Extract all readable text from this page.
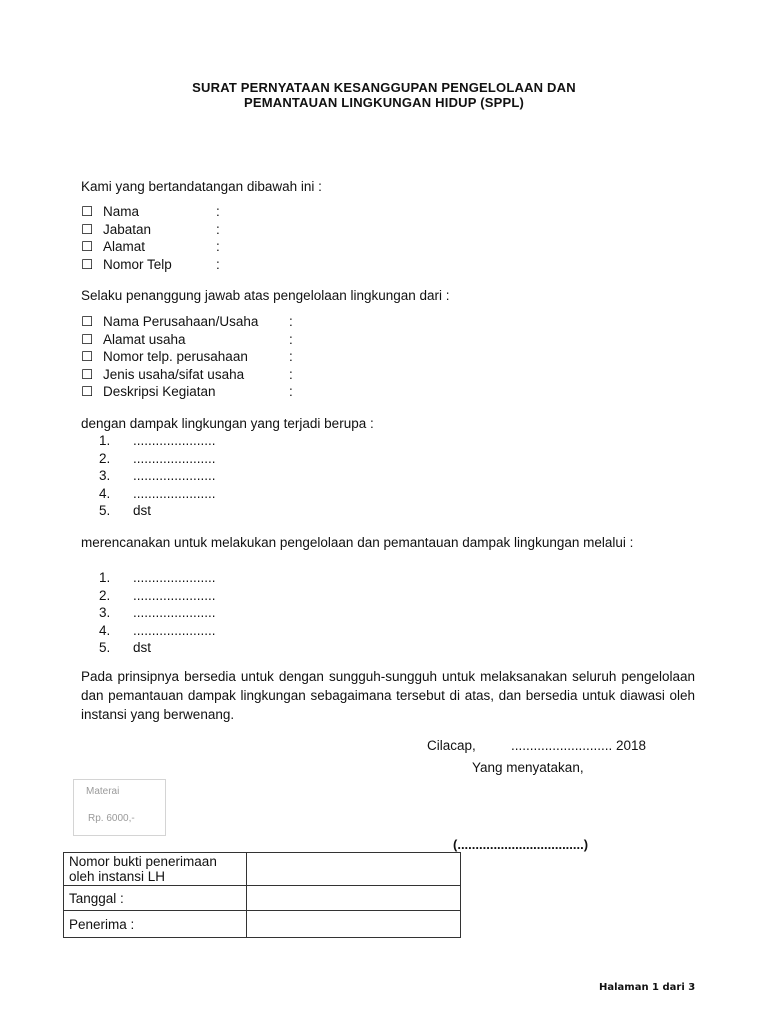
SURAT PERNYATAAN KESANGGUPAN PENGELOLAAN DAN
PEMANTAUAN LINGKUNGAN HIDUP (SPPL)
Kami yang bertandatangan dibawah ini :
☐ Nama	:
☐ Jabatan	:
☐ Alamat	:
☐ Nomor Telp	:
Selaku penanggung jawab atas pengelolaan lingkungan dari :
☐ Nama Perusahaan/Usaha :
☐ Alamat usaha	:
☐ Nomor telp. perusahaan	:
☐ Jenis usaha/sifat usaha	:
☐ Deskripsi Kegiatan	:
dengan dampak lingkungan yang terjadi berupa :
1. ......................
2. ......................
3. ......................
4. ......................
5. dst
merencanakan untuk melakukan pengelolaan dan pemantauan dampak lingkungan melalui :
1. ......................
2. ......................
3. ......................
4. ......................
5. dst
Pada prinsipnya bersedia untuk dengan sungguh-sungguh untuk melaksanakan seluruh pengelolaan dan pemantauan dampak lingkungan sebagaimana tersebut di atas, dan bersedia untuk diawasi oleh instansi yang berwenang.
Cilacap,	........................... 2018
Yang menyatakan,
(...................................)
Materai
Rp. 6000,-
Nomor bukti penerimaan oleh instansi LH	
Tanggal :	
Penerima :	
Halaman 1 dari 3
